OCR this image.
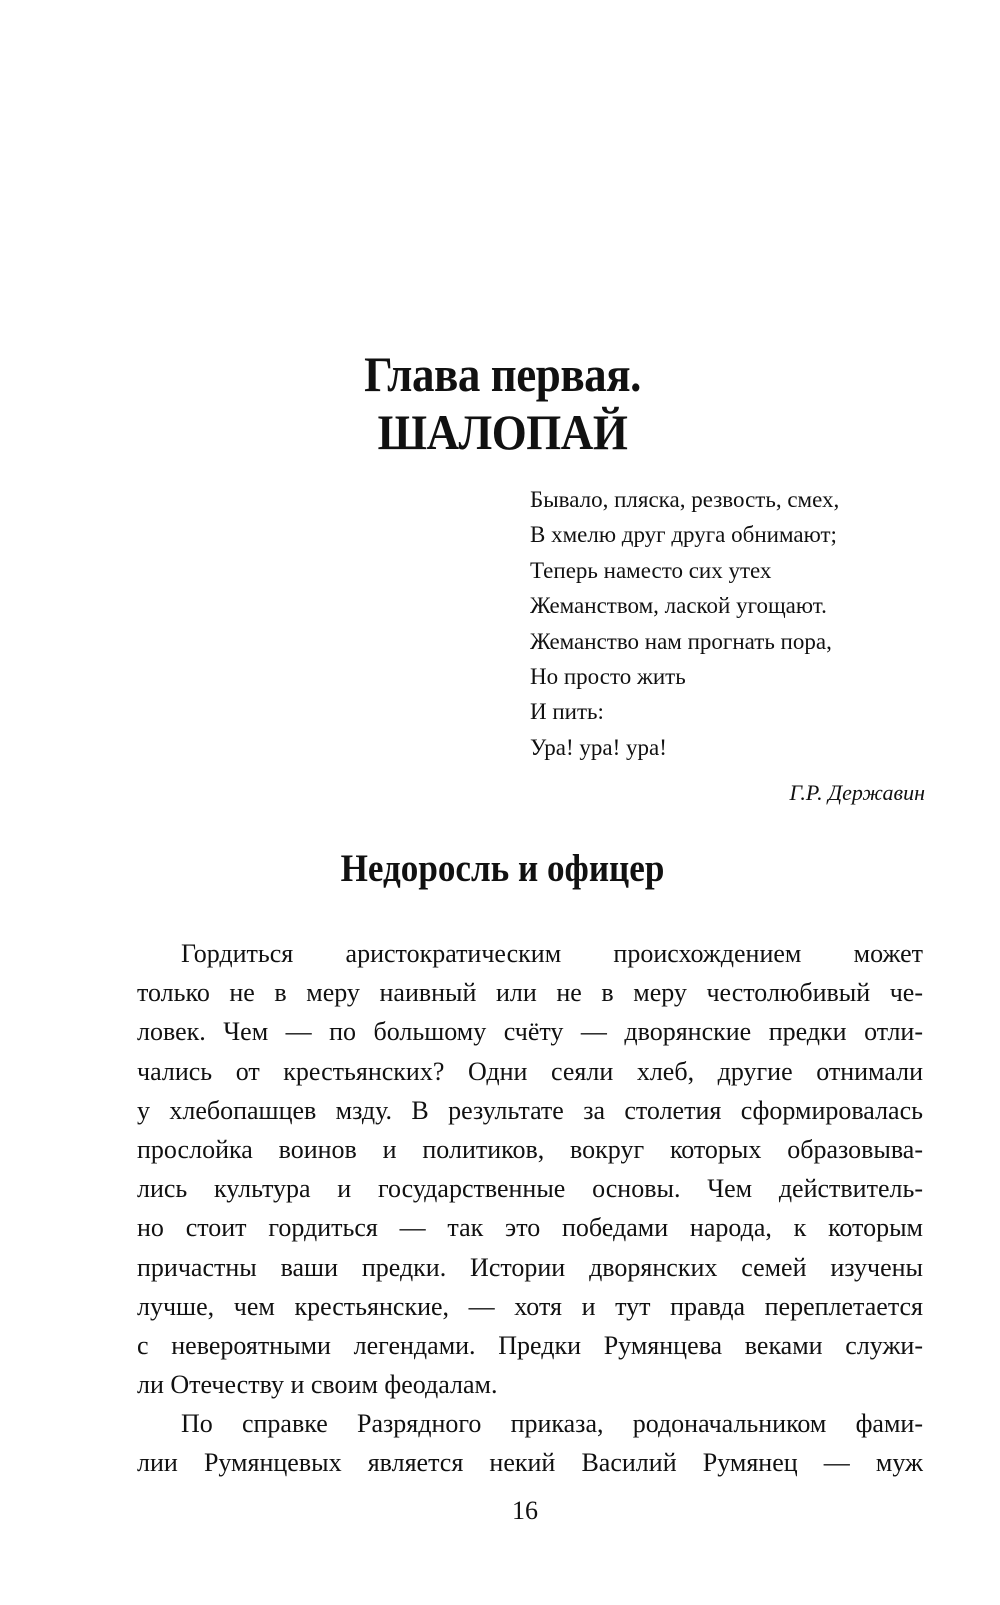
Глава первая.
ШАЛОПАЙ
Бывало, пляска, резвость, смех,
В хмелю друг друга обнимают;
Теперь наместо сих утех
Жеманством, лаской угощают.
Жеманство нам прогнать пора,
Но просто жить
И пить:
Ура! ура! ура!
Г.Р. Державин
Недоросль и офицер
Гордиться аристократическим происхождением может
только не в меру наивный или не в меру честолюбивый че-
ловек. Чем — по большому счёту — дворянские предки отли-
чались от крестьянских? Одни сеяли хлеб, другие отнимали
у хлебопашцев мзду. В результате за столетия сформировалась
прослойка воинов и политиков, вокруг которых образовыва-
лись культура и государственные основы. Чем действитель-
но стоит гордиться — так это победами народа, к которым
причастны ваши предки. Истории дворянских семей изучены
лучше, чем крестьянские, — хотя и тут правда переплетается
с невероятными легендами. Предки Румянцева веками служи-
ли Отечеству и своим феодалам.
По справке Разрядного приказа, родоначальником фами-
лии Румянцевых является некий Василий Румянец — муж
16
